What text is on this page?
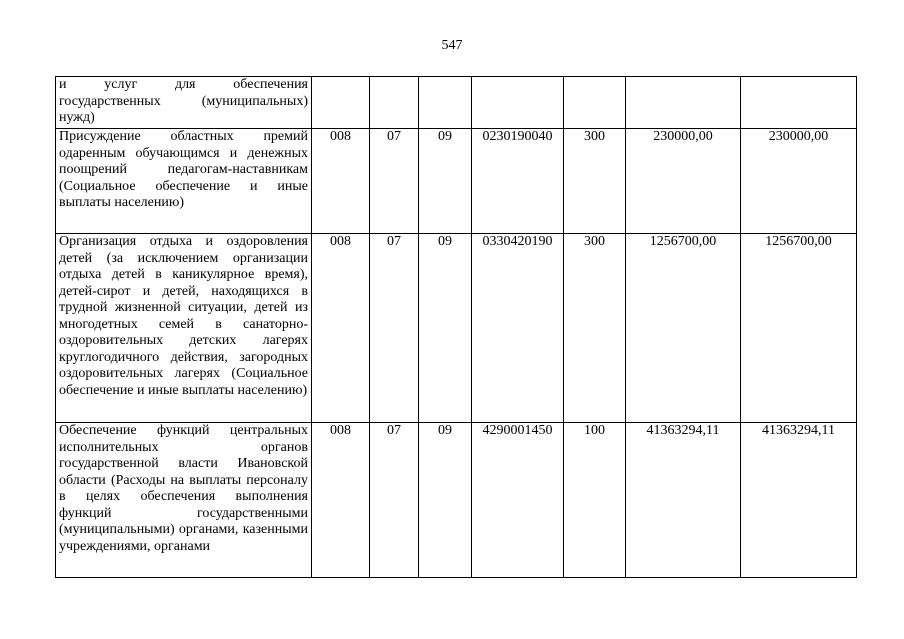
547
и услуг для обеспечения государственных (муниципальных) нужд)							
Присуждение областных премий одаренным обучающимся и денежных поощрений педагогам-наставникам (Социальное обеспечение и иные выплаты населению)	008	07	09	0230190040	300	230000,00	230000,00
Организация отдыха и оздоровления детей (за исключением организации отдыха детей в каникулярное время), детей-сирот и детей, находящихся в трудной жизненной ситуации, детей из многодетных семей в санаторно-оздоровительных детских лагерях круглогодичного действия, загородных оздоровительных лагерях (Социальное обеспечение и иные выплаты населению)	008	07	09	0330420190	300	1256700,00	1256700,00
Обеспечение функций центральных исполнительных органов государственной власти Ивановской области (Расходы на выплаты персоналу в целях обеспечения выполнения функций государственными (муниципальными) органами, казенными учреждениями, органами	008	07	09	4290001450	100	41363294,11	41363294,11
